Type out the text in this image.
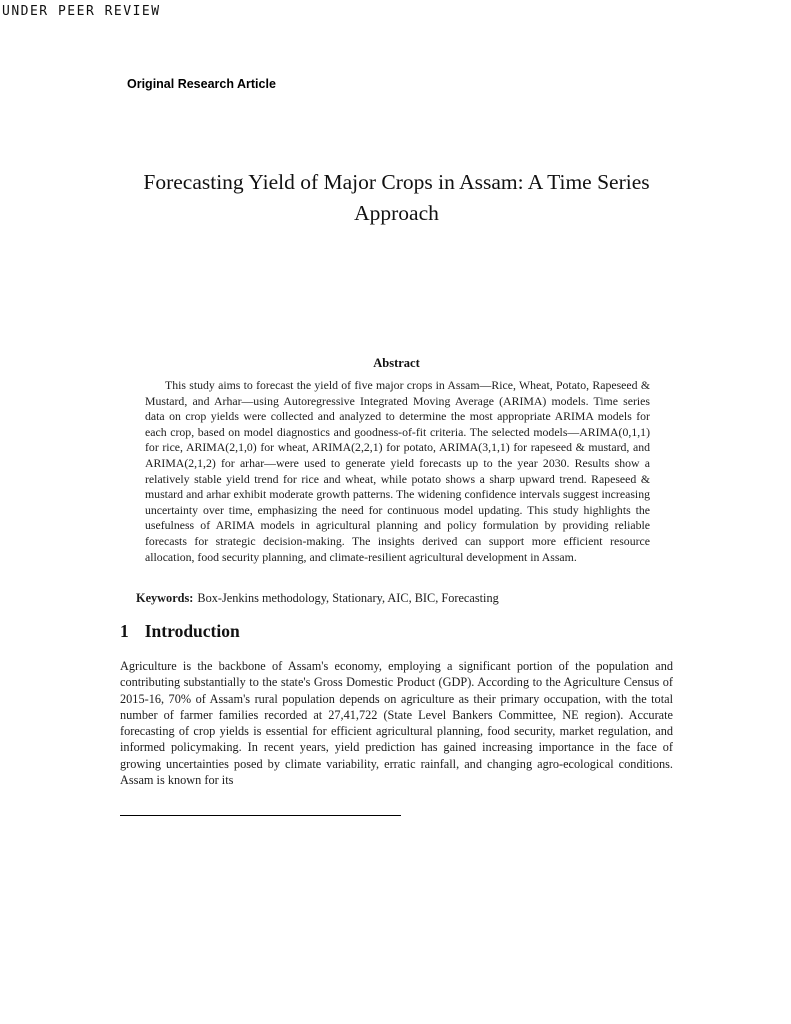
UNDER PEER REVIEW
Original Research Article
Forecasting Yield of Major Crops in Assam: A Time Series Approach
Abstract

This study aims to forecast the yield of five major crops in Assam—Rice, Wheat, Potato, Rapeseed & Mustard, and Arhar—using Autoregressive Integrated Moving Average (ARIMA) models. Time series data on crop yields were collected and analyzed to determine the most appropriate ARIMA models for each crop, based on model diagnostics and goodness-of-fit criteria. The selected models—ARIMA(0,1,1) for rice, ARIMA(2,1,0) for wheat, ARIMA(2,2,1) for potato, ARIMA(3,1,1) for rapeseed & mustard, and ARIMA(2,1,2) for arhar—were used to generate yield forecasts up to the year 2030. Results show a relatively stable yield trend for rice and wheat, while potato shows a sharp upward trend. Rapeseed & mustard and arhar exhibit moderate growth patterns. The widening confidence intervals suggest increasing uncertainty over time, emphasizing the need for continuous model updating. This study highlights the usefulness of ARIMA models in agricultural planning and policy formulation by providing reliable forecasts for strategic decision-making. The insights derived can support more efficient resource allocation, food security planning, and climate-resilient agricultural development in Assam.

Keywords: Box-Jenkins methodology, Stationary, AIC, BIC, Forecasting

1 Introduction

Agriculture is the backbone of Assam's economy, employing a significant portion of the population and contributing substantially to the state's Gross Domestic Product (GDP). According to the Agriculture Census of 2015-16, 70% of Assam's rural population depends on agriculture as their primary occupation, with the total number of farmer families recorded at 27,41,722 (State Level Bankers Committee, NE region). Accurate forecasting of crop yields is essential for efficient agricultural planning, food security, market regulation, and informed policymaking. In recent years, yield prediction has gained increasing importance in the face of growing uncertainties posed by climate variability, erratic rainfall, and changing agro-ecological conditions. Assam is known for its
